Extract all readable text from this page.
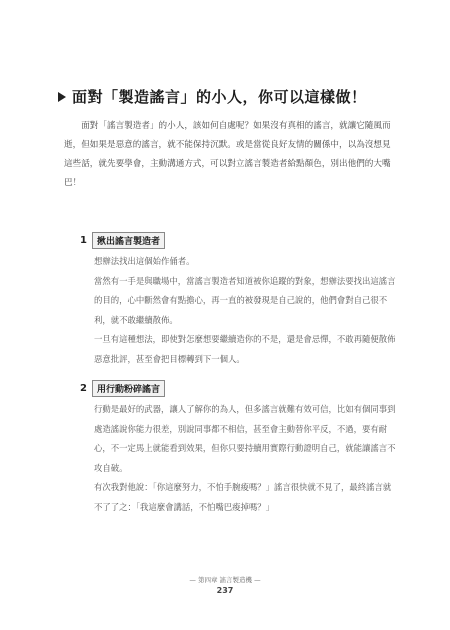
面對「製造謠言」的小人，你可以這樣做！

面對「謠言製造者」的小人，該如何自處呢？如果沒有真相的謠言，就讓它隨風而逝，但如果是惡意的謠言，就不能保持沉默。或是當從良好友情的關係中，以為沒想見這些話，就先要學會，主動溝通方式，可以對立謠言製造者給點顏色，別出他們的大嘴巴！

1	揪出謠言製造者

想辦法找出這個始作俑者。

當然有一手是與職場中，當謠言製造者知道被你追蹤的對象，想辦法要找出這謠言的目的，心中斷然會有點擔心，再一直的被發現是自己說的，他們會對自己很不利，就不敢繼續散佈。

一旦有這種想法，即使對怎麼想要繼續造你的不是，還是會忌憚，不敢再隨便散佈惡意批評，甚至會把目標轉到下一個人。

2	用行動粉碎謠言

行動是最好的武器，讓人了解你的為人，但多謠言就難有效可信，比如有個同事到處造謠說你能力很差，別說同事都不相信，甚至會主動替你平反，不過，要有耐心，不一定馬上就能看到效果，但你只要持續用實際行動證明自己，就能讓謠言不攻自破。

有次我對他說：「你這麼努力，不怕手腕痠嗎？」謠言很快就不見了，最終謠言就不了了之：「我這麼會講話，不怕嘴巴痠掉嗎？」

— 第四章 謠言製造機 —
237
